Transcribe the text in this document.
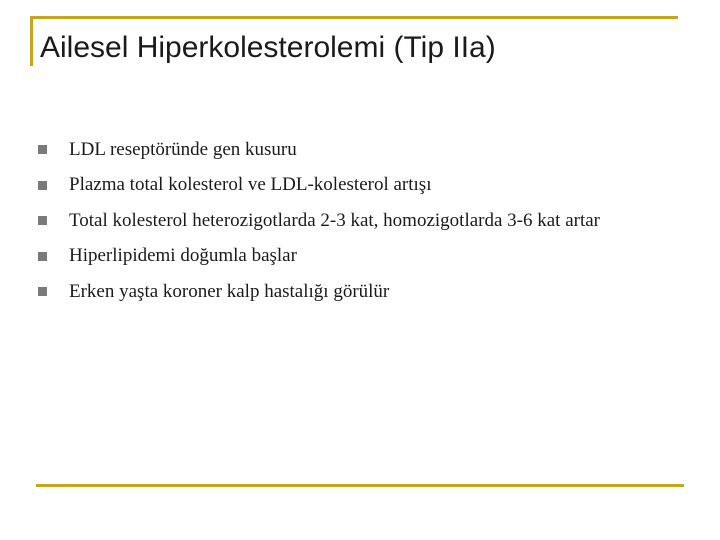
Ailesel Hiperkolesterolemi (Tip IIa)
LDL reseptöründe gen kusuru
Plazma total kolesterol ve LDL-kolesterol artışı
Total kolesterol heterozigotlarda 2-3 kat, homozigotlarda 3-6 kat artar
Hiperlipidemi doğumla başlar
Erken yaşta koroner kalp hastalığı görülür
